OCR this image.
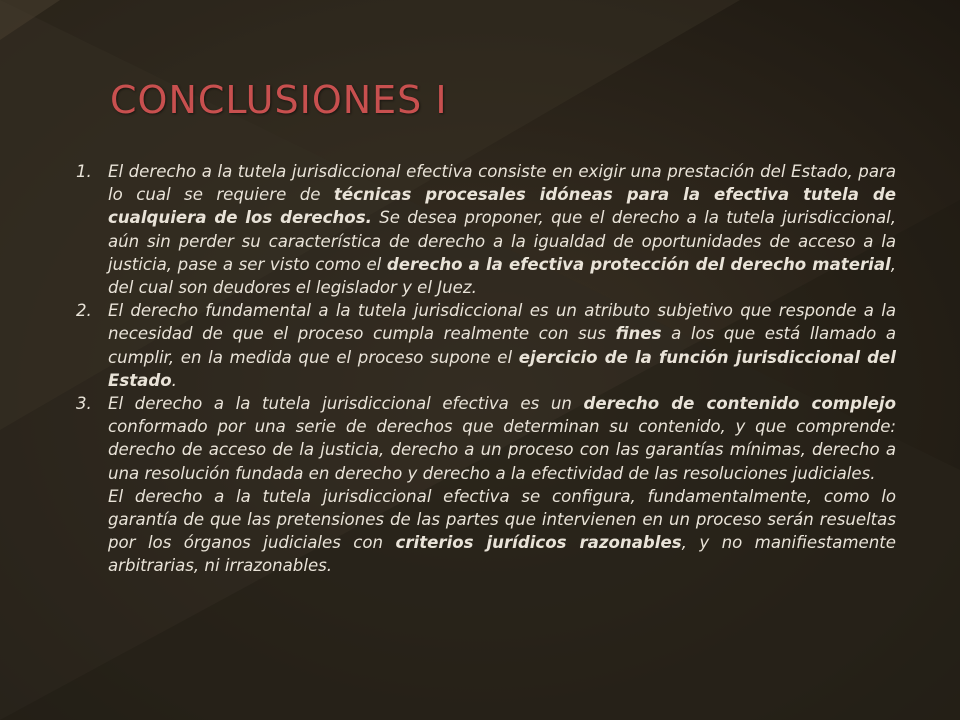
CONCLUSIONES I
1. El derecho a la tutela jurisdiccional efectiva consiste en exigir una prestación del Estado, para lo cual se requiere de técnicas procesales idóneas para la efectiva tutela de cualquiera de los derechos. Se desea proponer, que el derecho a la tutela jurisdiccional, aún sin perder su característica de derecho a la igualdad de oportunidades de acceso a la justicia, pase a ser visto como el derecho a la efectiva protección del derecho material, del cual son deudores el legislador y el Juez.
2. El derecho fundamental a la tutela jurisdiccional es un atributo subjetivo que responde a la necesidad de que el proceso cumpla realmente con sus fines a los que está llamado a cumplir, en la medida que el proceso supone el ejercicio de la función jurisdiccional del Estado.
3. El derecho a la tutela jurisdiccional efectiva es un derecho de contenido complejo conformado por una serie de derechos que determinan su contenido, y que comprende: derecho de acceso de la justicia, derecho a un proceso con las garantías mínimas, derecho a una resolución fundada en derecho y derecho a la efectividad de las resoluciones judiciales.
El derecho a la tutela jurisdiccional efectiva se configura, fundamentalmente, como lo garantía de que las pretensiones de las partes que intervienen en un proceso serán resueltas por los órganos judiciales con criterios jurídicos razonables, y no manifiestamente arbitrarias, ni irrazonables.
